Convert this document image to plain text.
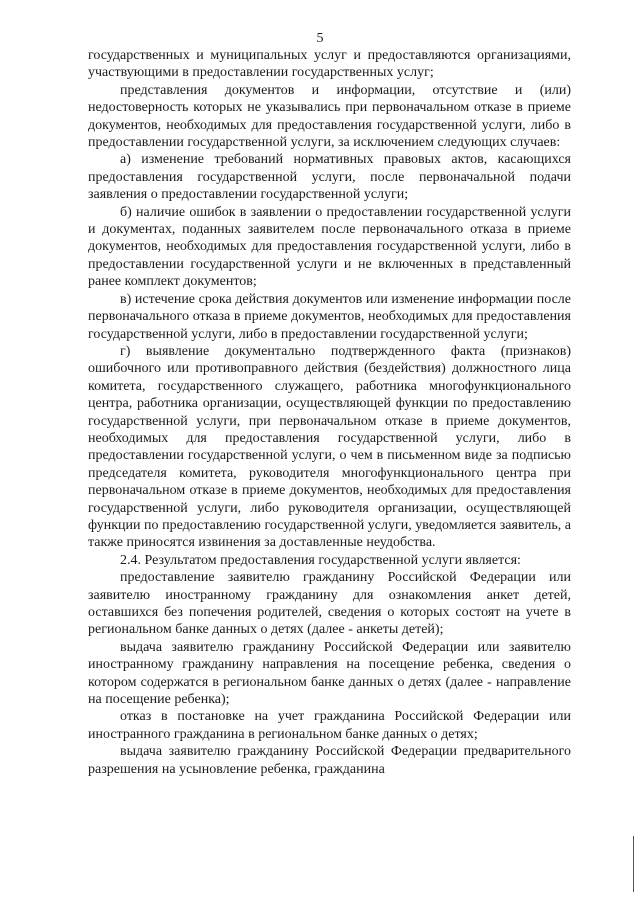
5

государственных и муниципальных услуг и предоставляются организациями, участвующими в предоставлении государственных услуг;

представления документов и информации, отсутствие и (или) недостоверность которых не указывались при первоначальном отказе в приеме документов, необходимых для предоставления государственной услуги, либо в предоставлении государственной услуги, за исключением следующих случаев:

а) изменение требований нормативных правовых актов, касающихся предоставления государственной услуги, после первоначальной подачи заявления о предоставлении государственной услуги;

б) наличие ошибок в заявлении о предоставлении государственной услуги и документах, поданных заявителем после первоначального отказа в приеме документов, необходимых для предоставления государственной услуги, либо в предоставлении государственной услуги и не включенных в представленный ранее комплект документов;

в) истечение срока действия документов или изменение информации после первоначального отказа в приеме документов, необходимых для предоставления государственной услуги, либо в предоставлении государственной услуги;

г) выявление документально подтвержденного факта (признаков) ошибочного или противоправного действия (бездействия) должностного лица комитета, государственного служащего, работника многофункционального центра, работника организации, осуществляющей функции по предоставлению государственной услуги, при первоначальном отказе в приеме документов, необходимых для предоставления государственной услуги, либо в предоставлении государственной услуги, о чем в письменном виде за подписью председателя комитета, руководителя многофункционального центра при первоначальном отказе в приеме документов, необходимых для предоставления государственной услуги, либо руководителя организации, осуществляющей функции по предоставлению государственной услуги, уведомляется заявитель, а также приносятся извинения за доставленные неудобства.

2.4. Результатом предоставления государственной услуги является:

предоставление заявителю гражданину Российской Федерации или заявителю иностранному гражданину для ознакомления анкет детей, оставшихся без попечения родителей, сведения о которых состоят на учете в региональном банке данных о детях (далее - анкеты детей);

выдача заявителю гражданину Российской Федерации или заявителю иностранному гражданину направления на посещение ребенка, сведения о котором содержатся в региональном банке данных о детях (далее - направление на посещение ребенка);

отказ в постановке на учет гражданина Российской Федерации или иностранного гражданина в региональном банке данных о детях;

выдача заявителю гражданину Российской Федерации предварительного разрешения на усыновление ребенка, гражданина
